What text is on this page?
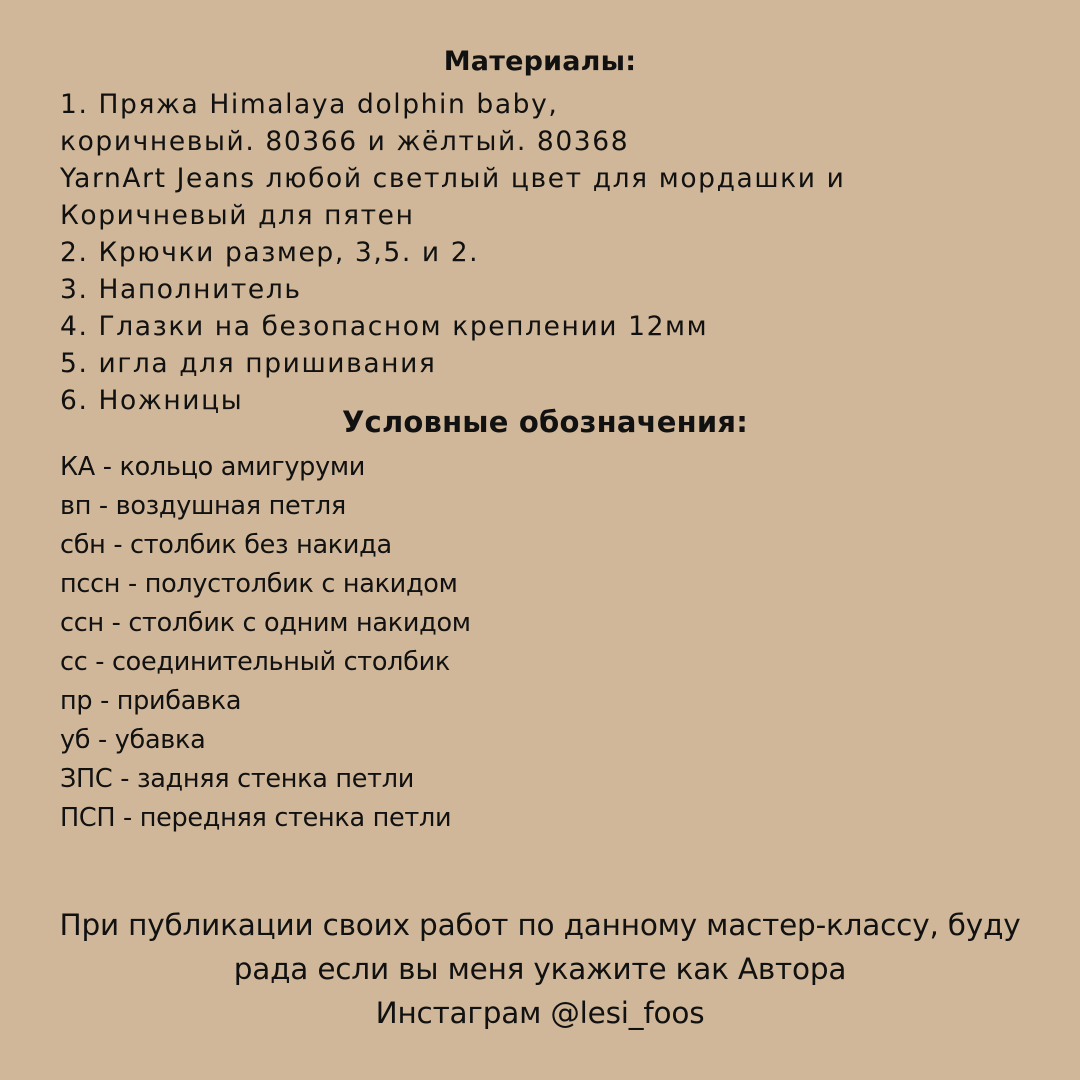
Материалы:
1. Пряжа Himalaya dolphin baby,
коричневый. 80366 и жёлтый. 80368
YarnArt Jeans любой светлый цвет для мордашки и
Коричневый для пятен
2. Крючки размер, 3,5. и 2.
3. Наполнитель
4. Глазки на безопасном креплении 12мм
5. игла для пришивания
6. Ножницы
Условные обозначения:
КА - кольцо амигуруми
вп - воздушная петля
сбн - столбик без накида
пссн - полустолбик с накидом
ссн - столбик с одним накидом
сс - соединительный столбик
пр - прибавка
уб - убавка
ЗПС - задняя стенка петли
ПСП - передняя стенка петли
При публикации своих работ по данному мастер-классу, буду
рада если вы меня укажите как Автора
Инстаграм @lesi_foos
